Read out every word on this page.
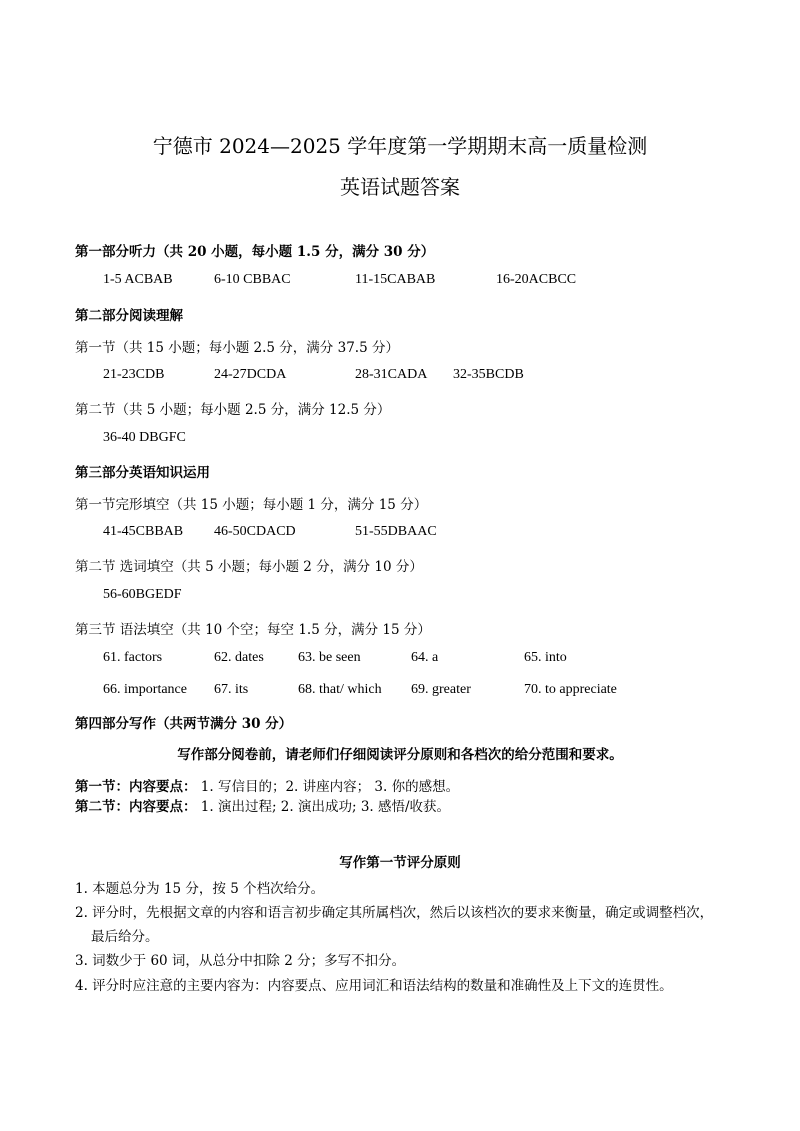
宁德市 2024—2025 学年度第一学期期末高一质量检测
英语试题答案
第一部分听力（共 20 小题，每小题 1.5 分，满分 30 分）
1-5 ACBAB	6-10 CBBAC	11-15CABAB	16-20ACBCC
第二部分阅读理解
第一节（共 15 小题；每小题 2.5 分，满分 37.5 分）
21-23CDB	24-27DCDA	28-31CADA 32-35BCDB
第二节（共 5 小题；每小题 2.5 分，满分 12.5 分）
36-40 DBGFC
第三部分英语知识运用
第一节完形填空（共 15 小题；每小题 1 分，满分 15 分）
41-45CBBAB 46-50CDACD	51-55DBAAC
第二节 选词填空（共 5 小题；每小题 2 分，满分 10 分）
56-60BGEDF
第三节 语法填空（共 10 个空；每空 1.5 分，满分 15 分）
61. factors	62. dates 63. be seen	64. a	65. into
66. importance 67. its	68. that/ which 69. greater	70. to appreciate
第四部分写作（共两节满分 30 分）
写作部分阅卷前，请老师们仔细阅读评分原则和各档次的给分范围和要求。
第一节：内容要点： 1. 写信目的；2. 讲座内容； 3. 你的感想。
第二节：内容要点： 1. 演出过程; 2. 演出成功; 3. 感悟/收获。
写作第一节评分原则
1. 本题总分为 15 分，按 5 个档次给分。
2. 评分时，先根据文章的内容和语言初步确定其所属档次，然后以该档次的要求来衡量，确定或调整档次，
最后给分。
3. 词数少于 60 词，从总分中扣除 2 分；多写不扣分。
4. 评分时应注意的主要内容为：内容要点、应用词汇和语法结构的数量和准确性及上下文的连贯性。
